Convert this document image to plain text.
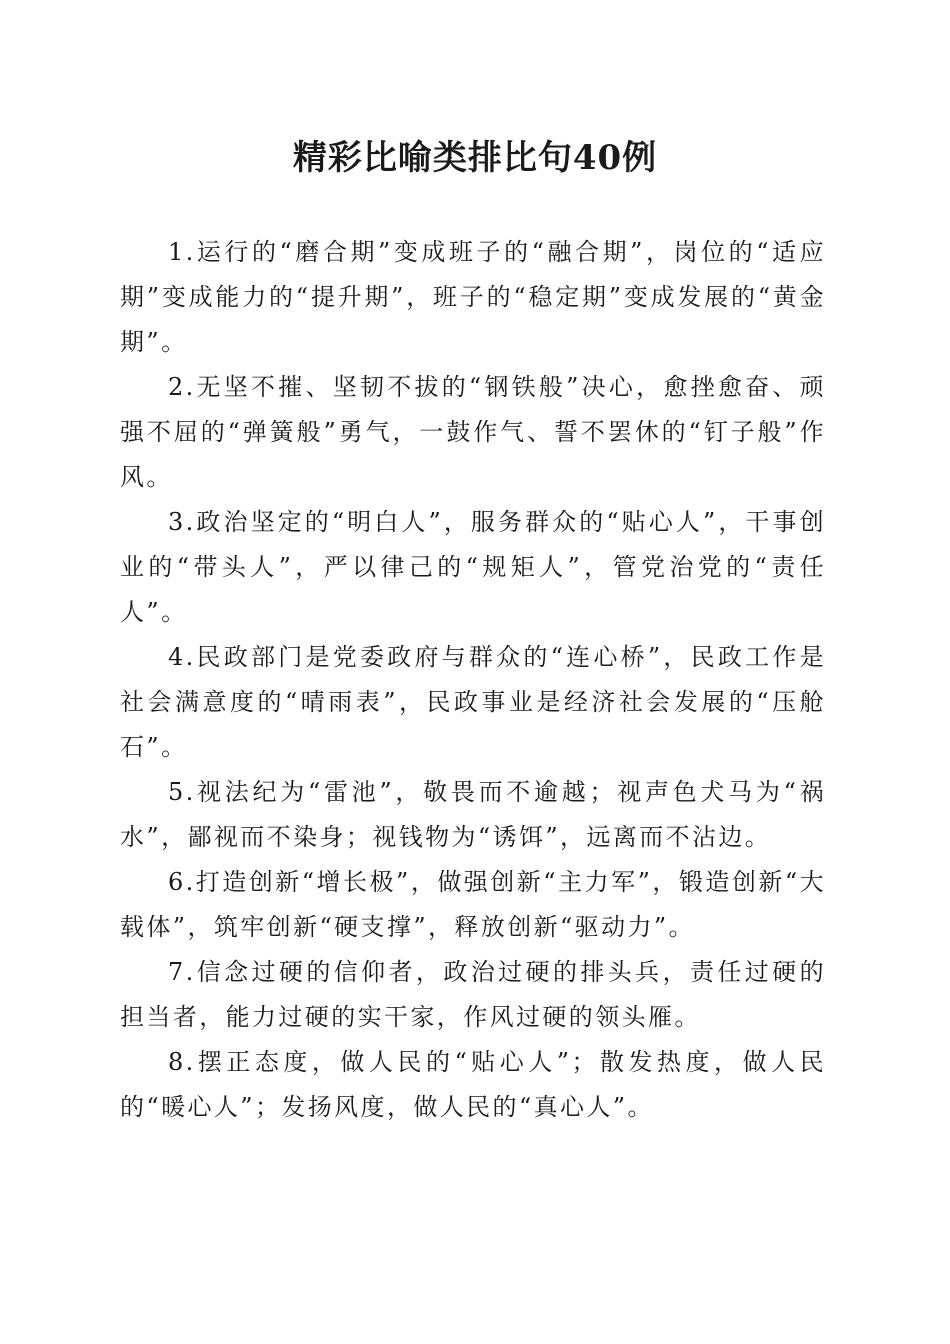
精彩比喻类排比句40例

1.运行的“磨合期”变成班子的“融合期”，岗位的“适应期”变成能力的“提升期”，班子的“稳定期”变成发展的“黄金期”。

2.无坚不摧、坚韧不拔的“钢铁般”决心，愈挫愈奋、顽强不屈的“弹簧般”勇气，一鼓作气、誓不罢休的“钉子般”作风。

3.政治坚定的“明白人”，服务群众的“贴心人”，干事创业的“带头人”，严以律己的“规矩人”，管党治党的“责任人”。

4.民政部门是党委政府与群众的“连心桥”，民政工作是社会满意度的“晴雨表”，民政事业是经济社会发展的“压舱石”。

5.视法纪为“雷池”，敬畏而不逾越；视声色犬马为“祸水”，鄙视而不染身；视钱物为“诱饵”，远离而不沾边。

6.打造创新“增长极”，做强创新“主力军”，锻造创新“大载体”，筑牢创新“硬支撑”，释放创新“驱动力”。

7.信念过硬的信仰者，政治过硬的排头兵，责任过硬的担当者，能力过硬的实干家，作风过硬的领头雁。

8.摆正态度，做人民的“贴心人”；散发热度，做人民的“暖心人”；发扬风度，做人民的“真心人”。
